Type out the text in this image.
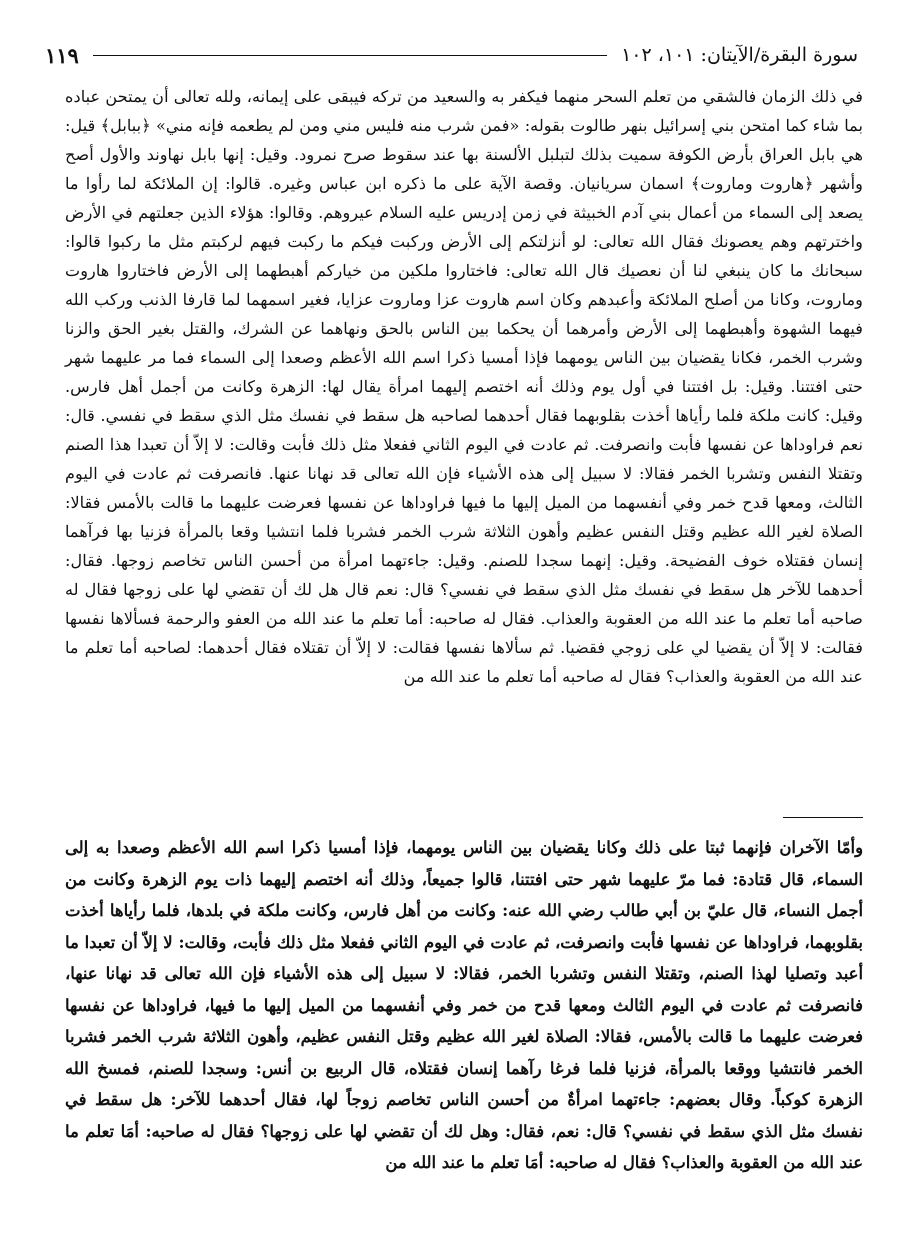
سورة البقرة/الآيتان: ١٠١، ١٠٢
١١٩

في ذلك الزمان فالشقي من تعلم السحر منهما فيكفر به والسعيد من تركه فيبقى على إيمانه، ولله تعالى أن يمتحن عباده بما شاء كما امتحن بني إسرائيل بنهر طالوت بقوله: «فمن شرب منه فليس مني ومن لم يطعمه فإنه مني» ﴿ببابل﴾ قيل: هي بابل العراق بأرض الكوفة سميت بذلك لتبلبل الألسنة بها عند سقوط صرح نمرود. وقيل: إنها بابل نهاوند والأول أصح وأشهر ﴿هاروت وماروت﴾ اسمان سريانيان. وقصة الآية على ما ذكره ابن عباس وغيره. قالوا: إن الملائكة لما رأوا ما يصعد إلى السماء من أعمال بني آدم الخبيثة في زمن إدريس عليه السلام عيروهم. وقالوا: هؤلاء الذين جعلتهم في الأرض واخترتهم وهم يعصونك فقال الله تعالى: لو أنزلتكم إلى الأرض وركبت فيكم ما ركبت فيهم لركبتم مثل ما ركبوا قالوا: سبحانك ما كان ينبغي لنا أن نعصيك قال الله تعالى: فاختاروا ملكين من خياركم أهبطهما إلى الأرض فاختاروا هاروت وماروت، وكانا من أصلح الملائكة وأعبدهم وكان اسم هاروت عزا وماروت عزايا، فغير اسمهما لما قارفا الذنب وركب الله فيهما الشهوة وأهبطهما إلى الأرض وأمرهما أن يحكما بين الناس بالحق ونهاهما عن الشرك، والقتل بغير الحق والزنا وشرب الخمر، فكانا يقضيان بين الناس يومهما فإذا أمسيا ذكرا اسم الله الأعظم وصعدا إلى السماء فما مر عليهما شهر حتى افتتنا. وقيل: بل افتتنا في أول يوم وذلك أنه اختصم إليهما امرأة يقال لها: الزهرة وكانت من أجمل أهل فارس. وقيل: كانت ملكة فلما رأياها أخذت بقلوبهما فقال أحدهما لصاحبه هل سقط في نفسك مثل الذي سقط في نفسي. قال: نعم فراوداها عن نفسها فأبت وانصرفت. ثم عادت في اليوم الثاني ففعلا مثل ذلك فأبت وقالت: لا إلاّ أن تعبدا هذا الصنم وتقتلا النفس وتشربا الخمر فقالا: لا سبيل إلى هذه الأشياء فإن الله تعالى قد نهانا عنها. فانصرفت ثم عادت في اليوم الثالث، ومعها قدح خمر وفي أنفسهما من الميل إليها ما فيها فراوداها عن نفسها فعرضت عليهما ما قالت بالأمس فقالا: الصلاة لغير الله عظيم وقتل النفس عظيم وأهون الثلاثة شرب الخمر فشربا فلما انتشيا وقعا بالمرأة فزنيا بها فرآهما إنسان فقتلاه خوف الفضيحة. وقيل: إنهما سجدا للصنم. وقيل: جاءتهما امرأة من أحسن الناس تخاصم زوجها. فقال: أحدهما للآخر هل سقط في نفسك مثل الذي سقط في نفسي؟ قال: نعم قال هل لك أن تقضي لها على زوجها فقال له صاحبه أما تعلم ما عند الله من العقوبة والعذاب. فقال له صاحبه: أما تعلم ما عند الله من العفو والرحمة فسألاها نفسها فقالت: لا إلاّ أن يقضيا لي على زوجي فقضيا. ثم سألاها نفسها فقالت: لا إلاّ أن تقتلاه فقال أحدهما: لصاحبه أما تعلم ما عند الله من العقوبة والعذاب؟ فقال له صاحبه أما تعلم ما عند الله من

وأمّا الآخران فإنهما ثبتا على ذلك وكانا يقضيان بين الناس يومهما، فإذا أمسيا ذكرا اسم الله الأعظم وصعدا به إلى السماء، قال قتادة: فما مرّ عليهما شهر حتى افتتنا، قالوا جميعاً، وذلك أنه اختصم إليهما ذات يوم الزهرة وكانت من أجمل النساء، قال عليّ بن أبي طالب رضي الله عنه: وكانت من أهل فارس، وكانت ملكة في بلدها، فلما رأياها أخذت بقلوبهما، فراوداها عن نفسها فأبت وانصرفت، ثم عادت في اليوم الثاني ففعلا مثل ذلك فأبت، وقالت: لا إلاّ أن تعبدا ما أعبد وتصليا لهذا الصنم، وتقتلا النفس وتشربا الخمر، فقالا: لا سبيل إلى هذه الأشياء فإن الله تعالى قد نهانا عنها، فانصرفت ثم عادت في اليوم الثالث ومعها قدح من خمر وفي أنفسهما من الميل إليها ما فيها، فراوداها عن نفسها فعرضت عليهما ما قالت بالأمس، فقالا: الصلاة لغير الله عظيم وقتل النفس عظيم، وأهون الثلاثة شرب الخمر فشربا الخمر فانتشيا ووقعا بالمرأة، فزنيا فلما فرغا رآهما إنسان فقتلاه، قال الربيع بن أنس: وسجدا للصنم، فمسخ الله الزهرة كوكباً. وقال بعضهم: جاءتهما امرأةٌ من أحسن الناس تخاصم زوجاً لها، فقال أحدهما للآخر: هل سقط في نفسك مثل الذي سقط في نفسي؟ قال: نعم، فقال: وهل لك أن تقضي لها على زوجها؟ فقال له صاحبه: أمَا تعلم ما عند الله من العقوبة والعذاب؟ فقال له صاحبه: أمَا تعلم ما عند الله من
